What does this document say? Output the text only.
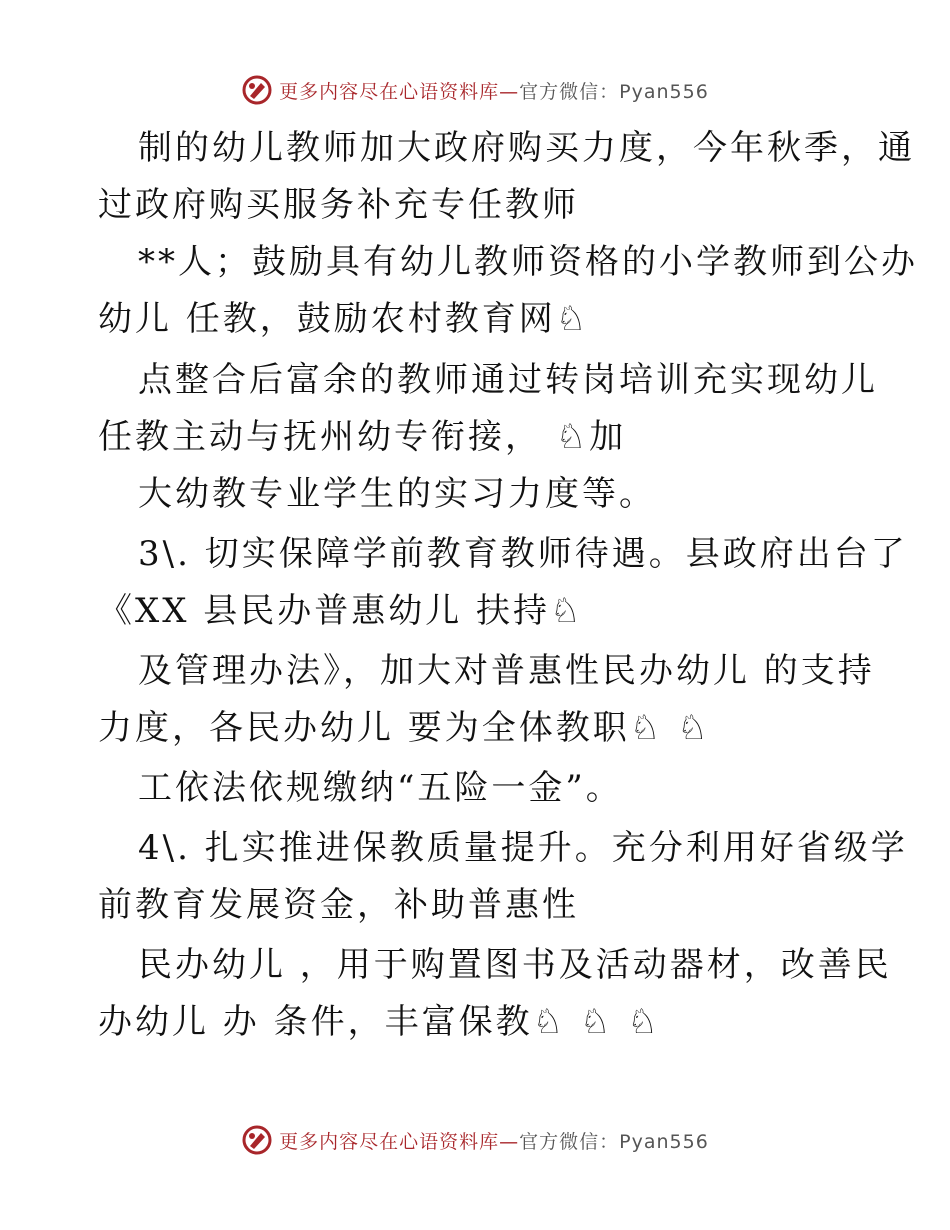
更多内容尽在心语资料库—官方微信：Pyan556
制的幼儿教师加大政府购买力度，今年秋季，通
过政府购买服务补充专任教师
**人；鼓励具有幼儿教师资格的小学教师到公办
幼儿 任教，鼓励农村教育网♘
点整合后富余的教师通过转岗培训充实现幼儿
任教主动与抚州幼专衔接， ♘加
大幼教专业学生的实习力度等。
3\. 切实保障学前教育教师待遇。县政府出台了
《XX 县民办普惠幼儿 扶持♘
及管理办法》，加大对普惠性民办幼儿 的支持
力度，各民办幼儿 要为全体教职♘ ♘
工依法依规缴纳“五险一金”。
4\. 扎实推进保教质量提升。充分利用好省级学
前教育发展资金，补助普惠性
民办幼儿 ，用于购置图书及活动器材，改善民
办幼儿 办 条件，丰富保教♘ ♘ ♘
更多内容尽在心语资料库—官方微信：Pyan556
